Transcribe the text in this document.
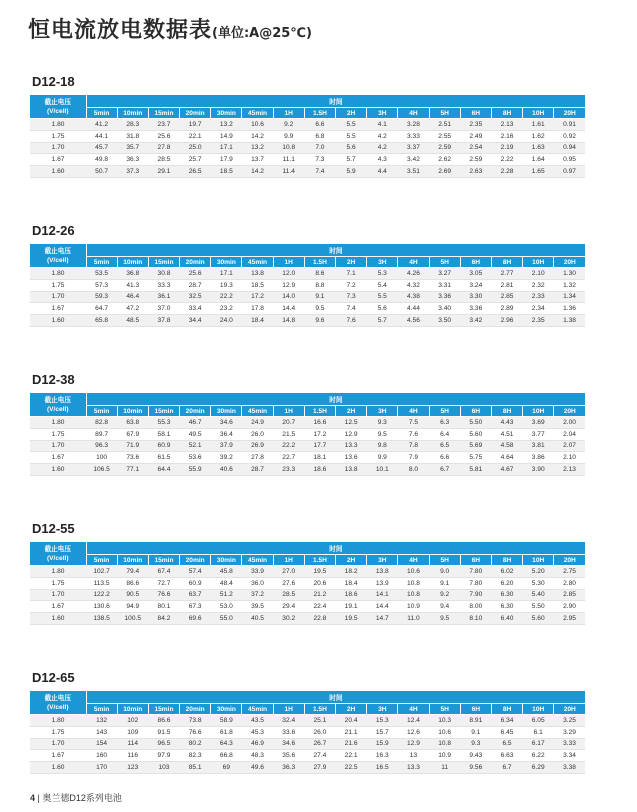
恒电流放电数据表(单位:A@25℃)
D12-18
截止电压
(V/cell)	时间															
	5min	10min	15min	20min	30min	45min	1H	1.5H	2H	3H	4H	5H	6H	8H	10H	20H
1.80	41.2	28.3	23.7	19.7	13.2	10.6	9.2	6.6	5.5	4.1	3.28	2.51	2.35	2.13	1.61	0.91
1.75	44.1	31.8	25.6	22.1	14.9	14.2	9.9	6.8	5.5	4.2	3.33	2.55	2.49	2.16	1.62	0.92
1.70	45.7	35.7	27.8	25.0	17.1	13.2	10.8	7.0	5.6	4.2	3.37	2.59	2.54	2.19	1.63	0.94
1.67	49.8	36.3	28.5	25.7	17.9	13.7	11.1	7.3	5.7	4.3	3.42	2.62	2.59	2.22	1.64	0.95
1.60	50.7	37.3	29.1	26.5	18.5	14.2	11.4	7.4	5.9	4.4	3.51	2.69	2.63	2.28	1.65	0.97
D12-26
截止电压
(V/cell)	时间															
	5min	10min	15min	20min	30min	45min	1H	1.5H	2H	3H	4H	5H	6H	8H	10H	20H
1.80	53.5	36.8	30.8	25.6	17.1	13.8	12.0	8.6	7.1	5.3	4.26	3.27	3.05	2.77	2.10	1.30
1.75	57.3	41.3	33.3	28.7	19.3	18.5	12.9	8.8	7.2	5.4	4.32	3.31	3.24	2.81	2.32	1.32
1.70	59.3	46.4	36.1	32.5	22.2	17.2	14.0	9.1	7.3	5.5	4.38	3.36	3.30	2.85	2.33	1.34
1.67	64.7	47.2	37.0	33.4	23.2	17.8	14.4	9.5	7.4	5.6	4.44	3.40	3.36	2.89	2.34	1.36
1.60	65.8	48.5	37.8	34.4	24.0	18.4	14.8	9.6	7.6	5.7	4.56	3.50	3.42	2.96	2.35	1.38
D12-38
截止电压
(V/cell)	时间															
	5min	10min	15min	20min	30min	45min	1H	1.5H	2H	3H	4H	5H	6H	8H	10H	20H
1.80	82.8	63.8	55.3	46.7	34.6	24.9	20.7	16.6	12.5	9.3	7.5	6.3	5.50	4.43	3.69	2.00
1.75	89.7	67.9	58.1	49.5	36.4	26.0	21.5	17.2	12.9	9.5	7.6	6.4	5.60	4.51	3.77	2.04
1.70	96.3	71.9	60.9	52.1	37.9	26.9	22.2	17.7	13.3	9.8	7.8	6.5	5.69	4.58	3.81	2.07
1.67	100	73.6	61.5	53.6	39.2	27.8	22.7	18.1	13.6	9.9	7.9	6.6	5.75	4.64	3.86	2.10
1.60	106.5	77.1	64.4	55.9	40.6	28.7	23.3	18.6	13.8	10.1	8.0	6.7	5.81	4.67	3.90	2.13
D12-55
截止电压
(V/cell)	时间															
	5min	10min	15min	20min	30min	45min	1H	1.5H	2H	3H	4H	5H	6H	8H	10H	20H
1.80	102.7	79.4	67.4	57.4	45.8	33.9	27.0	19.5	18.2	13.8	10.6	9.0	7.80	6.02	5.20	2.75
1.75	113.5	86.6	72.7	60.9	48.4	36.0	27.6	20.6	18.4	13.9	10.8	9.1	7.80	6.20	5.30	2.80
1.70	122.2	90.5	76.6	63.7	51.2	37.2	28.5	21.2	18.6	14.1	10.8	9.2	7.90	6.30	5.40	2.85
1.67	130.6	94.9	80.1	67.3	53.0	39.5	29.4	22.4	19.1	14.4	10.9	9.4	8.00	6.30	5.50	2.90
1.60	138.5	100.5	84.2	69.6	55.0	40.5	30.2	22.8	19.5	14.7	11.0	9.5	8.10	6.40	5.60	2.95
D12-65
截止电压
(V/cell)	时间															
	5min	10min	15min	20min	30min	45min	1H	1.5H	2H	3H	4H	5H	6H	8H	10H	20H
1.80	132	102	86.6	73.8	58.9	43.5	32.4	25.1	20.4	15.3	12.4	10.3	8.91	6.34	6.05	3.25
1.75	143	109	91.5	76.6	61.8	45.3	33.6	26.0	21.1	15.7	12.6	10.6	9.1	6.45	6.1	3.29
1.70	154	114	96.5	80.2	64.3	46.9	34.6	26.7	21.6	15.9	12.9	10.8	9.3	6.5	6.17	3.33
1.67	160	116	97.9	82.3	66.8	48.3	35.6	27.4	22.1	16.3	13	10.9	9.43	6.63	6.22	3.34
1.60	170	123	103	85.1	69	49.6	36.3	27.9	22.5	16.5	13.3	11	9.56	6.7	6.29	3.38

4 | 奥兰德D12系列电池
